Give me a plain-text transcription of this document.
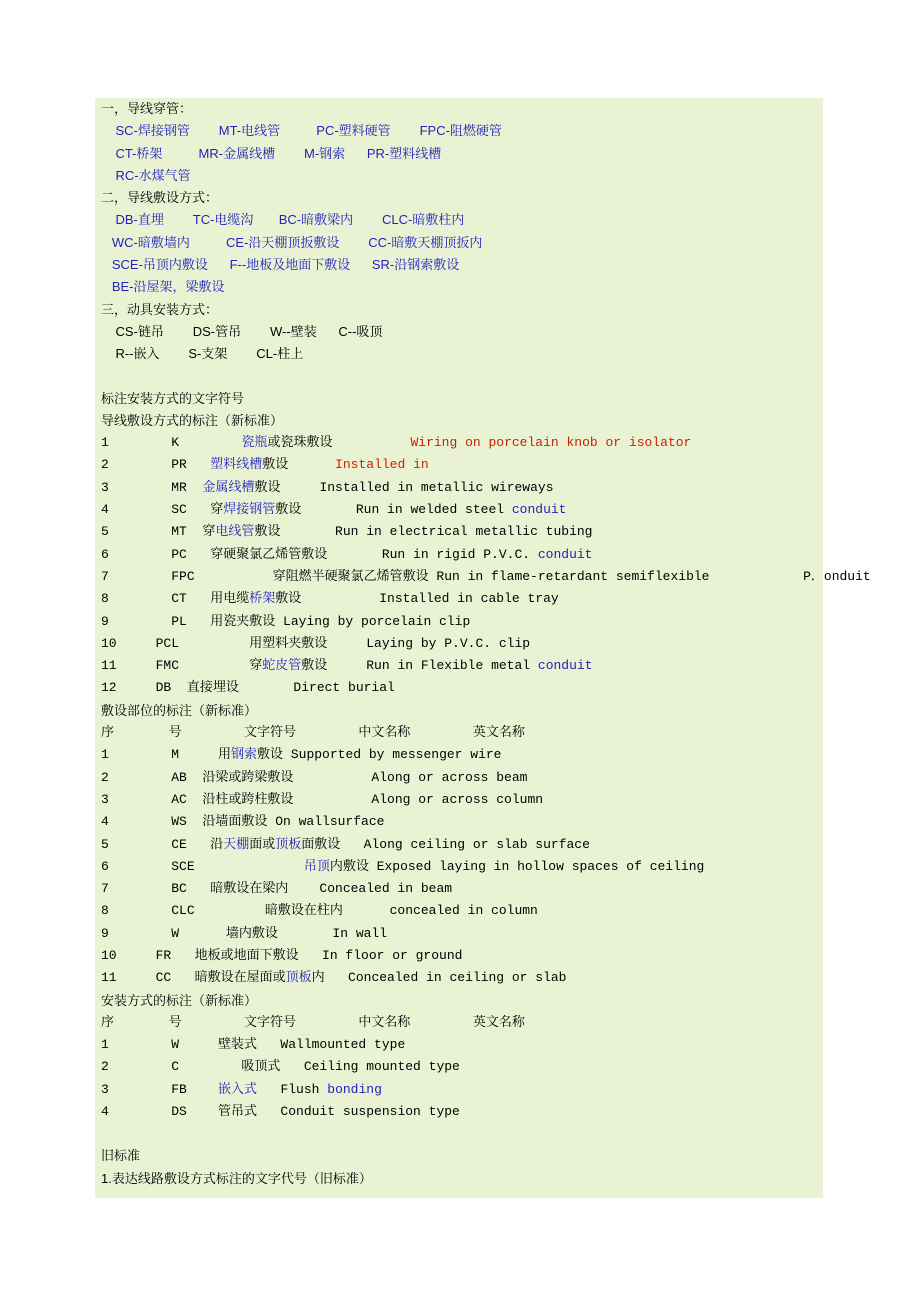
一，导线穿管：
SC-焊接钢管        MT-电线管          PC-塑料硬管        FPC-阻燃硬管
CT-桥架          MR-金属线槽        M-钢索      PR-塑料线槽
RC-水煤气管
二，导线敷设方式：
DB-直埋        TC-电缆沟       BC-暗敷梁内        CLC-暗敷柱内
WC-暗敷墙内          CE-沿天棚顶扳敷设        CC-暗敷天棚顶扳内
SCE-吊顶内敷设      F--地板及地面下敷设      SR-沿钢索敷设
BE-沿屋架，梁敷设
三，动具安装方式：
CS-链吊        DS-管吊        W--壁装      C--吸顶
R--嵌入        S-支架        CL-柱上
标注安装方式的文字符号
导线敷设方式的标注（新标准）
1        K        瓷瓶或瓷珠敷设          Wiring on porcelain knob or isolator
2        PR   塑料线槽敷设      Installed in
3        MR  金属线槽敷设     Installed in metallic wireways
4        SC   穿焊接钢管敷设       Run in welded steel conduit
5        MT  穿电线管敷设       Run in electrical metallic tubing
6        PC   穿硬聚氯乙烯管敷设       Run in rigid P.V.C. conduit
7        FPC          穿阻燃半硬聚氯乙烯管敷设 Run in flame-retardant semiflexible            P．onduit
8        CT   用电缆桥架敷设          Installed in cable tray
9        PL   用瓷夹敷设 Laying by porcelain clip
10     PCL         用塑料夹敷设     Laying by P.V.C. clip
11     FMC         穿蛇皮管敷设     Run in Flexible metal conduit
12     DB  直接埋设       Direct burial
敷设部位的标注（新标准）
序       号        文字符号        中文名称        英文名称
1        M     用钢索敷设 Supported by messenger wire
2        AB  沿梁或跨梁敷设          Along or across beam
3        AC  沿柱或跨柱敷设          Along or across column
4        WS  沿墙面敷设 On wallsurface
5        CE   沿天棚面或顶板面敷设   Along ceiling or slab surface
6        SCE              吊顶内敷设 Exposed laying in hollow spaces of ceiling
7        BC   暗敷设在梁内    Concealed in beam
8        CLC         暗敷设在柱内      concealed in column
9        W      墙内敷设       In wall
10     FR   地板或地面下敷设   In floor or ground
11     CC   暗敷设在屋面或顶板内   Concealed in ceiling or slab
安装方式的标注（新标准）
序       号        文字符号        中文名称        英文名称
1        W     壁装式   Wallmounted type
2        C        吸顶式   Ceiling mounted type
3        FB    嵌入式   Flush bonding
4        DS    管吊式   Conduit suspension type
旧标准
1.表达线路敷设方式标注的文字代号（旧标准）
